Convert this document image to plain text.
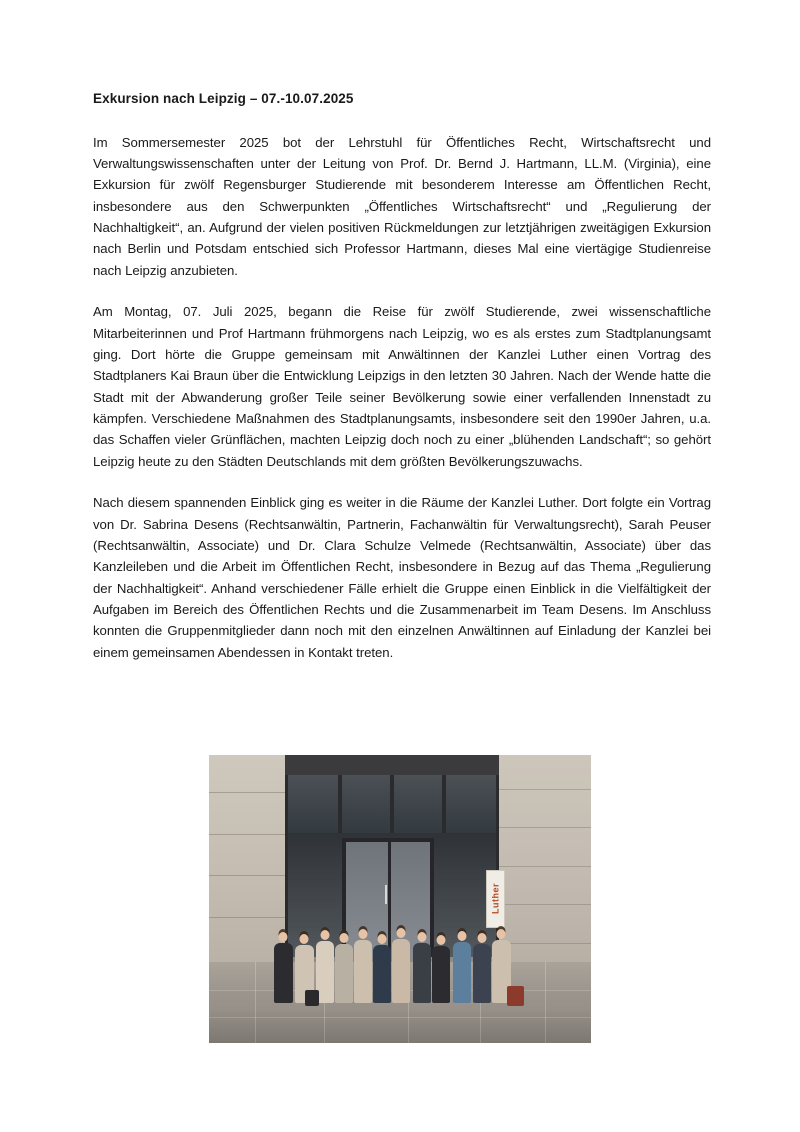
Exkursion nach Leipzig – 07.-10.07.2025

Im Sommersemester 2025 bot der Lehrstuhl für Öffentliches Recht, Wirtschaftsrecht und Verwaltungswissenschaften unter der Leitung von Prof. Dr. Bernd J. Hartmann, LL.M. (Virginia), eine Exkursion für zwölf Regensburger Studierende mit besonderem Interesse am Öffentlichen Recht, insbesondere aus den Schwerpunkten „Öffentliches Wirtschaftsrecht“ und „Regulierung der Nachhaltigkeit“, an. Aufgrund der vielen positiven Rückmeldungen zur letztjährigen zweitägigen Exkursion nach Berlin und Potsdam entschied sich Professor Hartmann, dieses Mal eine viertägige Studienreise nach Leipzig anzubieten.

Am Montag, 07. Juli 2025, begann die Reise für zwölf Studierende, zwei wissenschaftliche Mitarbeiterinnen und Prof Hartmann frühmorgens nach Leipzig, wo es als erstes zum Stadtplanungsamt ging. Dort hörte die Gruppe gemeinsam mit Anwältinnen der Kanzlei Luther einen Vortrag des Stadtplaners Kai Braun über die Entwicklung Leipzigs in den letzten 30 Jahren. Nach der Wende hatte die Stadt mit der Abwanderung großer Teile seiner Bevölkerung sowie einer verfallenden Innenstadt zu kämpfen. Verschiedene Maßnahmen des Stadtplanungsamts, insbesondere seit den 1990er Jahren, u.a. das Schaffen vieler Grünflächen, machten Leipzig doch noch zu einer „blühenden Landschaft“; so gehört Leipzig heute zu den Städten Deutschlands mit dem größten Bevölkerungszuwachs.

Nach diesem spannenden Einblick ging es weiter in die Räume der Kanzlei Luther. Dort folgte ein Vortrag von Dr. Sabrina Desens (Rechtsanwältin, Partnerin, Fachanwältin für Verwaltungsrecht), Sarah Peuser (Rechtsanwältin, Associate) und Dr. Clara Schulze Velmede (Rechtsanwältin, Associate) über das Kanzleileben und die Arbeit im Öffentlichen Recht, insbesondere in Bezug auf das Thema „Regulierung der Nachhaltigkeit“. Anhand verschiedener Fälle erhielt die Gruppe einen Einblick in die Vielfältigkeit der Aufgaben im Bereich des Öffentlichen Rechts und die Zusammenarbeit im Team Desens. Im Anschluss konnten die Gruppenmitglieder dann noch mit den einzelnen Anwältinnen auf Einladung der Kanzlei bei einem gemeinsamen Abendessen in Kontakt treten.

Luther
